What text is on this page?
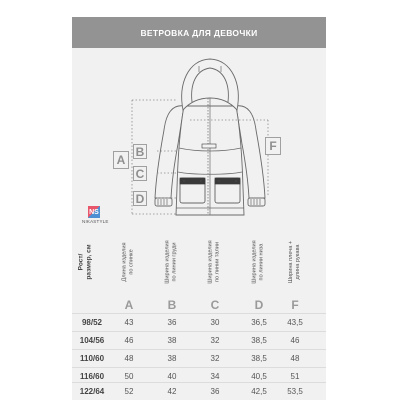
ВЕТРОВКА ДЛЯ ДЕВОЧКИ
A
B
C
D
F
NS
NIKASTYLE
Рост/
размер, см
Длина изделия
по спинке
Ширина изделия
по линии груди
Ширина изделия
по линии талии
Ширина изделия
по линии низа
Ширина плеча +
длина рукава
A	B	C	D	F
98/52	43	36	30	36,5	43,5
104/56	46	38	32	38,5	46
110/60	48	38	32	38,5	48
116/60	50	40	34	40,5	51
122/64	52	42	36	42,5	53,5
